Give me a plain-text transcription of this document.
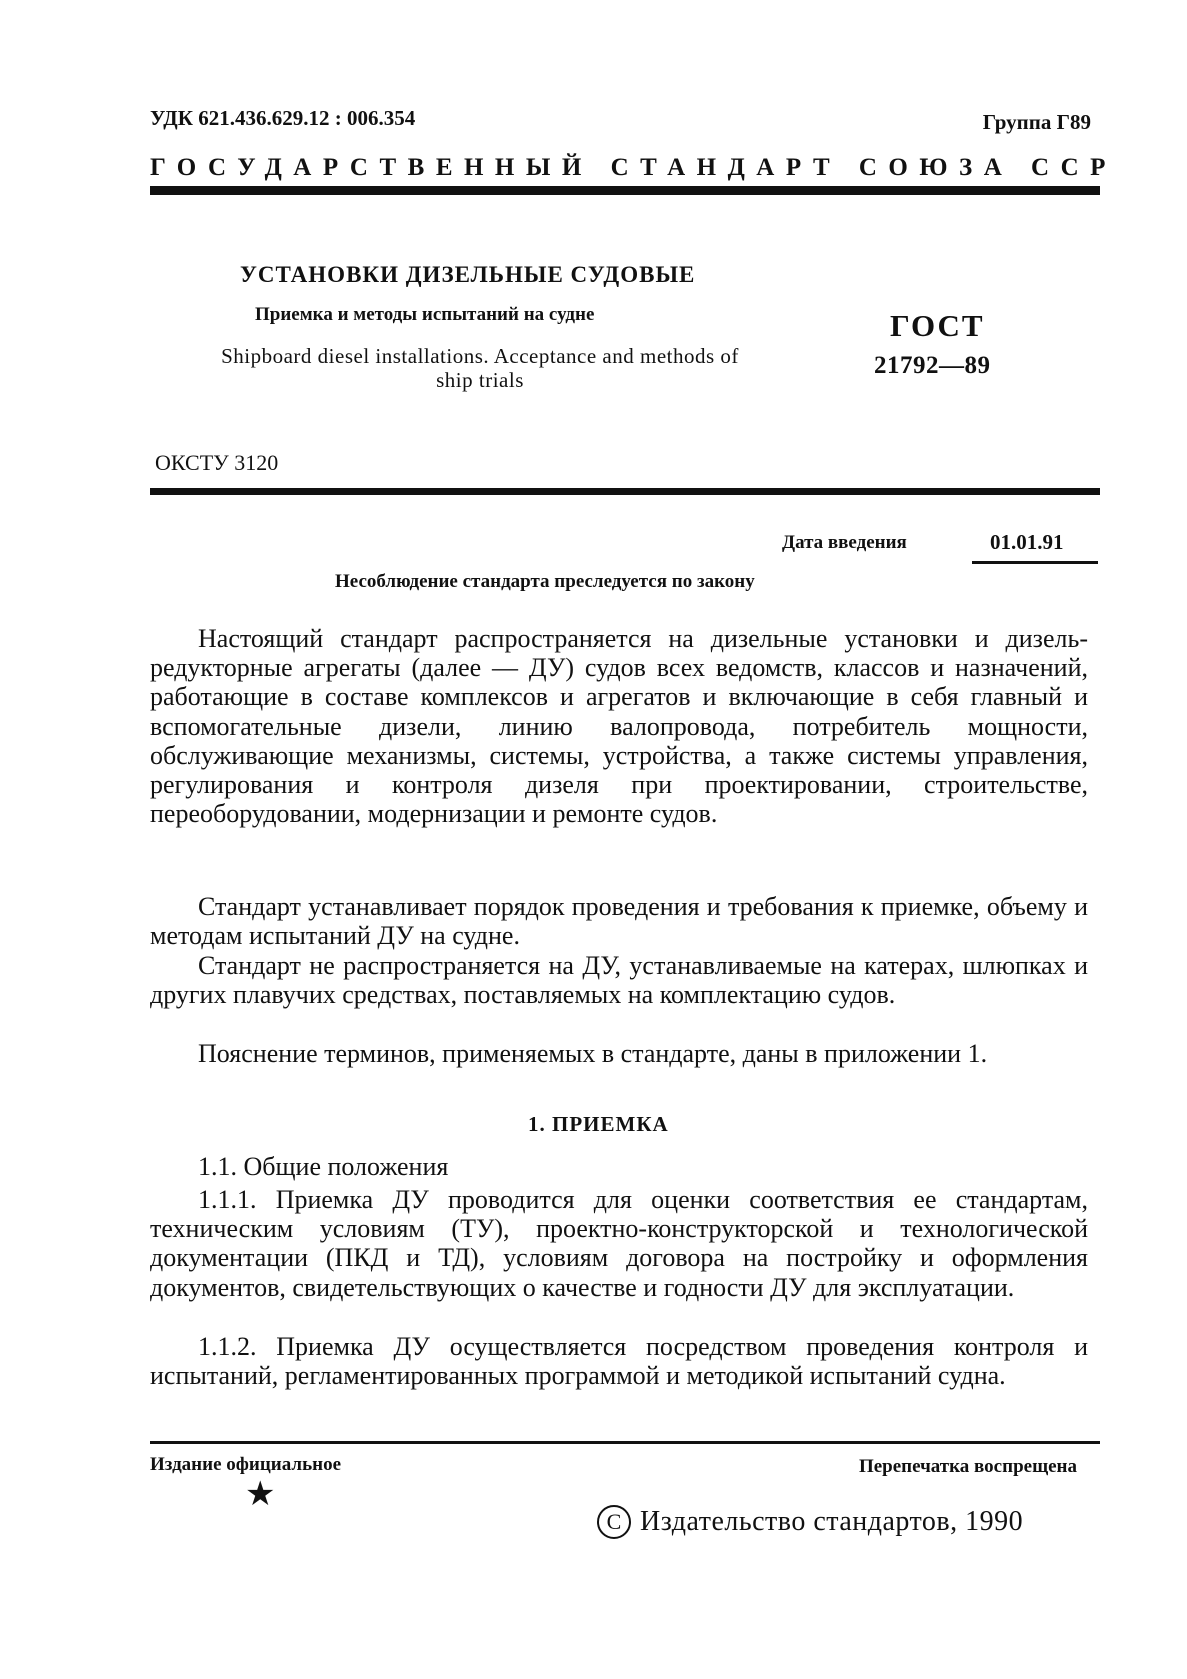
УДК 621.436.629.12 : 006.354	Группа Г89
ГОСУДАРСТВЕННЫЙ СТАНДАРТ СОЮЗА ССР
УСТАНОВКИ ДИЗЕЛЬНЫЕ СУДОВЫЕ
Приемка и методы испытаний на судне
Shipboard diesel installations. Acceptance and methods of ship trials
ГОСТ
21792—89
ОКСТУ 3120
Дата введения	01.01.91
Несоблюдение стандарта преследуется по закону

Настоящий стандарт распространяется на дизельные установки и дизель-редукторные агрегаты (далее — ДУ) судов всех ведомств, классов и назначений, работающие в составе комплексов и агрегатов и включающие в себя главный и вспомогательные дизели, линию валопровода, потребитель мощности, обслуживающие механизмы, системы, устройства, а также системы управления, регулирования и контроля дизеля при проектировании, строительстве, переоборудовании, модернизации и ремонте судов.

Стандарт устанавливает порядок проведения и требования к приемке, объему и методам испытаний ДУ на судне.

Стандарт не распространяется на ДУ, устанавливаемые на катерах, шлюпках и других плавучих средствах, поставляемых на комплектацию судов.

Пояснение терминов, применяемых в стандарте, даны в приложении 1.

1. ПРИЕМКА

1.1. Общие положения

1.1.1. Приемка ДУ проводится для оценки соответствия ее стандартам, техническим условиям (ТУ), проектно-конструкторской и технологической документации (ПКД и ТД), условиям договора на постройку и оформления документов, свидетельствующих о качестве и годности ДУ для эксплуатации.

1.1.2. Приемка ДУ осуществляется посредством проведения контроля и испытаний, регламентированных программой и методикой испытаний судна.

Издание официальное	Перепечатка воспрещена
★
C Издательство стандартов, 1990
